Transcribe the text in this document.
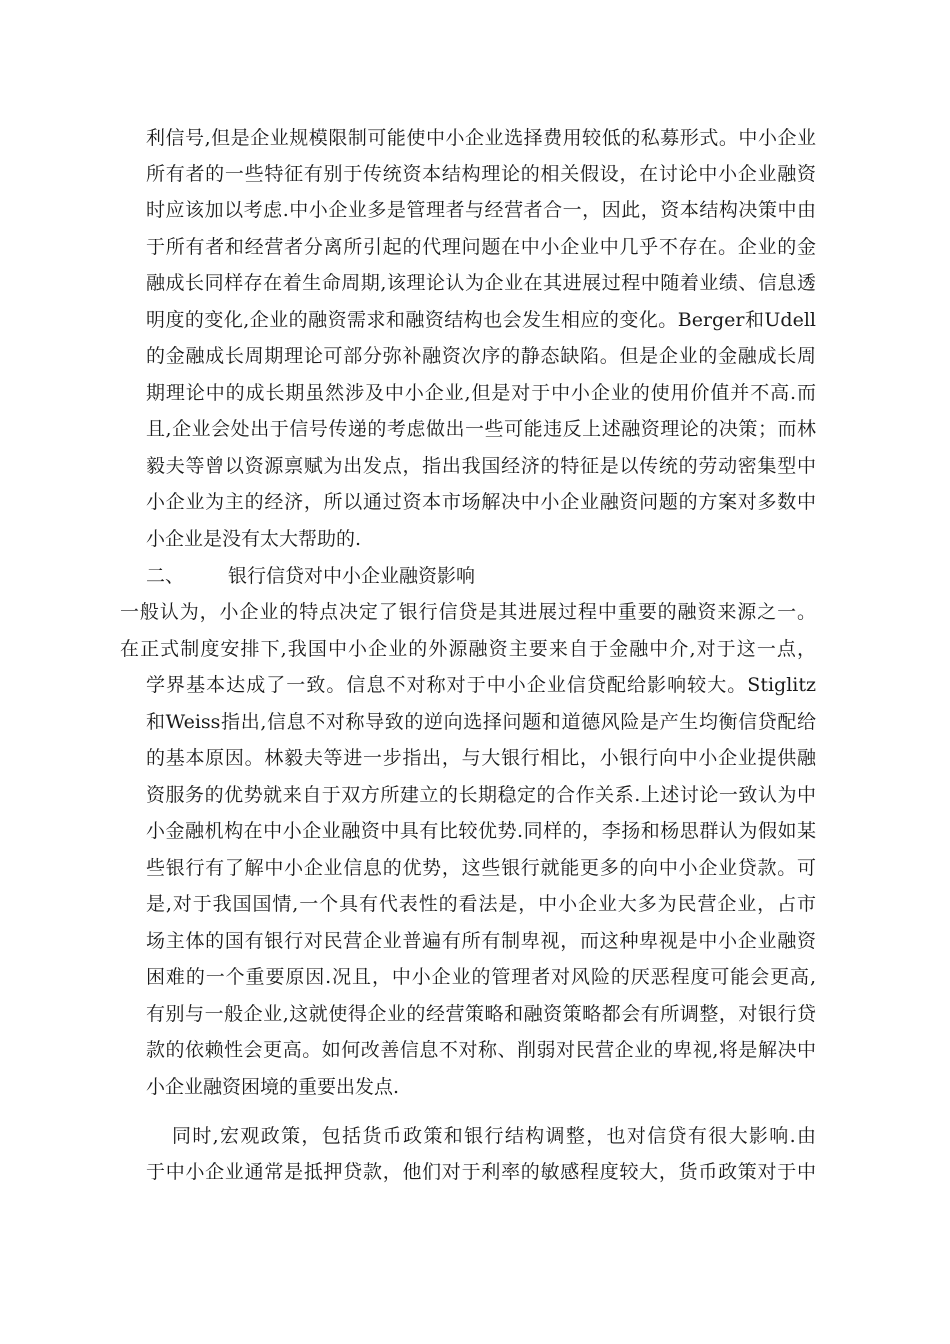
利信号,但是企业规模限制可能使中小企业选择费用较低的私募形式。中小企业
所有者的一些特征有别于传统资本结构理论的相关假设，在讨论中小企业融资
时应该加以考虑.中小企业多是管理者与经营者合一，因此，资本结构决策中由
于所有者和经营者分离所引起的代理问题在中小企业中几乎不存在。企业的金
融成长同样存在着生命周期,该理论认为企业在其进展过程中随着业绩、信息透
明度的变化,企业的融资需求和融资结构也会发生相应的变化。Berger和Udell
的金融成长周期理论可部分弥补融资次序的静态缺陷。但是企业的金融成长周
期理论中的成长期虽然涉及中小企业,但是对于中小企业的使用价值并不高.而
且,企业会处出于信号传递的考虑做出一些可能违反上述融资理论的决策；而林
毅夫等曾以资源禀赋为出发点，指出我国经济的特征是以传统的劳动密集型中
小企业为主的经济，所以通过资本市场解决中小企业融资问题的方案对多数中
小企业是没有太大帮助的.
二、 银行信贷对中小企业融资影响
一般认为，小企业的特点决定了银行信贷是其进展过程中重要的融资来源之一。
在正式制度安排下,我国中小企业的外源融资主要来自于金融中介,对于这一点，
学界基本达成了一致。信息不对称对于中小企业信贷配给影响较大。Stiglitz
和Weiss指出,信息不对称导致的逆向选择问题和道德风险是产生均衡信贷配给
的基本原因。林毅夫等进一步指出，与大银行相比，小银行向中小企业提供融
资服务的优势就来自于双方所建立的长期稳定的合作关系.上述讨论一致认为中
小金融机构在中小企业融资中具有比较优势.同样的，李扬和杨思群认为假如某
些银行有了解中小企业信息的优势，这些银行就能更多的向中小企业贷款。可
是,对于我国国情,一个具有代表性的看法是，中小企业大多为民营企业，占市
场主体的国有银行对民营企业普遍有所有制卑视，而这种卑视是中小企业融资
困难的一个重要原因.况且，中小企业的管理者对风险的厌恶程度可能会更高,
有别与一般企业,这就使得企业的经营策略和融资策略都会有所调整，对银行贷
款的依赖性会更高。如何改善信息不对称、削弱对民营企业的卑视,将是解决中
小企业融资困境的重要出发点.
同时,宏观政策，包括货币政策和银行结构调整，也对信贷有很大影响.由
于中小企业通常是抵押贷款，他们对于利率的敏感程度较大，货币政策对于中
